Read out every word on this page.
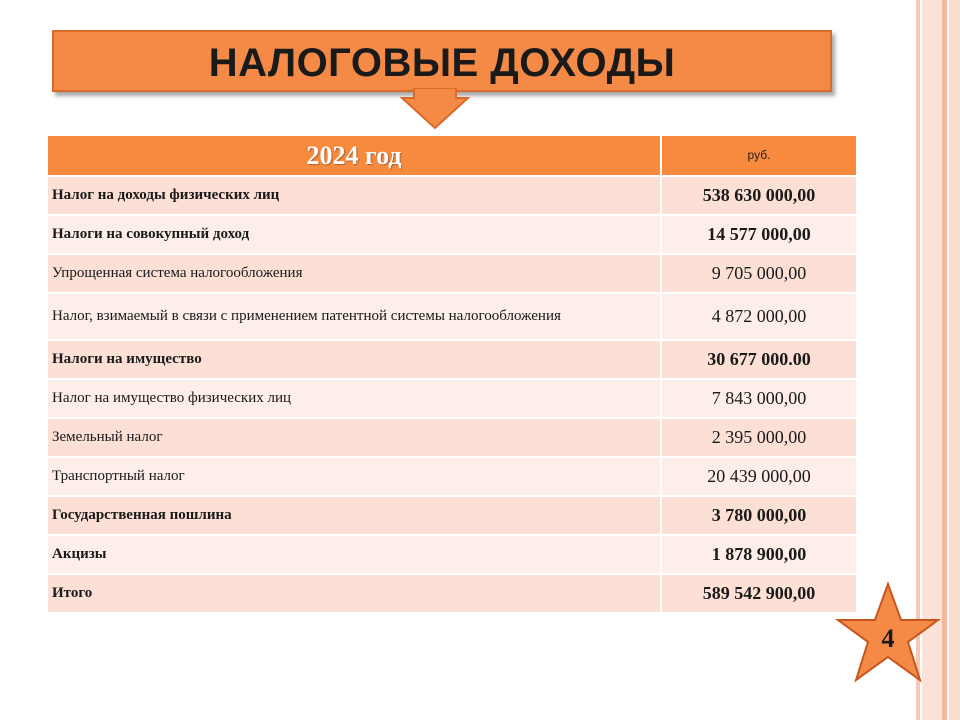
НАЛОГОВЫЕ ДОХОДЫ
2024 год	руб.
Налог на доходы физических лиц	538 630 000,00
Налоги на совокупный доход	14 577 000,00
Упрощенная система налогообложения	9 705 000,00
Налог, взимаемый в связи с применением патентной системы налогообложения	4 872 000,00
Налоги на имущество	30 677 000.00
Налог на имущество физических лиц	7 843 000,00
Земельный налог	2 395 000,00
Транспортный налог	20 439 000,00
Государственная пошлина	3 780 000,00
Акцизы	1 878 900,00
Итого	589 542 900,00
4
